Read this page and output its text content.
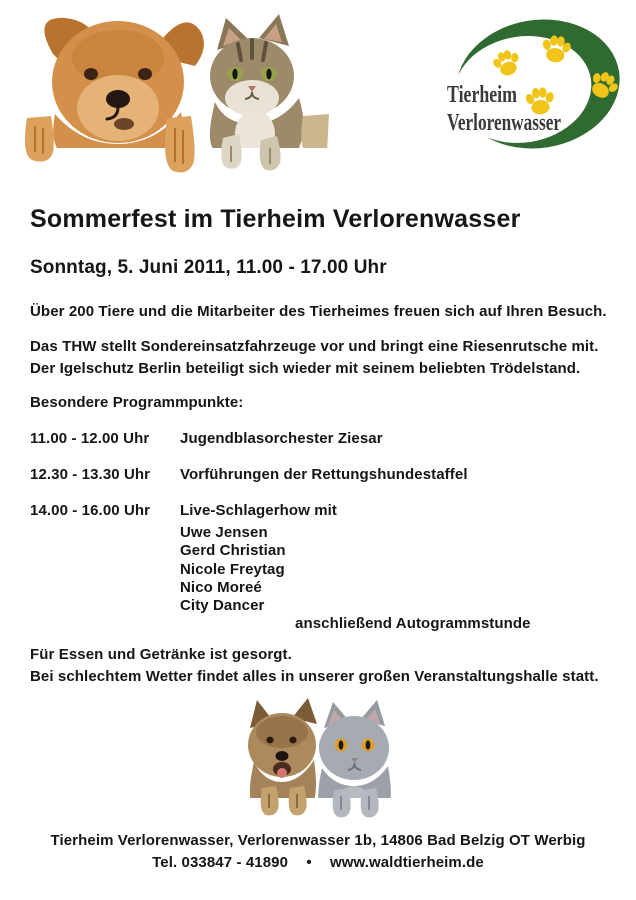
Tierheim
Verlorenwasser
Sommerfest im Tierheim Verlorenwasser
Sonntag, 5. Juni 2011, 11.00 - 17.00 Uhr
Über 200 Tiere und die Mitarbeiter des Tierheimes freuen sich auf Ihren Besuch.
Das THW stellt Sondereinsatzfahrzeuge vor und bringt eine Riesenrutsche mit.
Der Igelschutz Berlin beteiligt sich wieder mit seinem beliebten Trödelstand.
Besondere Programmpunkte:
11.00 - 12.00 Uhr Jugendblasorchester Ziesar
12.30 - 13.30 Uhr Vorführungen der Rettungshundestaffel
14.00 - 16.00 Uhr Live-Schlagerhow mit
Uwe Jensen
Gerd Christian
Nicole Freytag
Nico Moreé
City Dancer
anschließend Autogrammstunde
Für Essen und Getränke ist gesorgt.
Bei schlechtem Wetter findet alles in unserer großen Veranstaltungshalle statt.
Tierheim Verlorenwasser, Verlorenwasser 1b, 14806 Bad Belzig OT Werbig
Tel. 033847 - 41890 • www.waldtierheim.de
